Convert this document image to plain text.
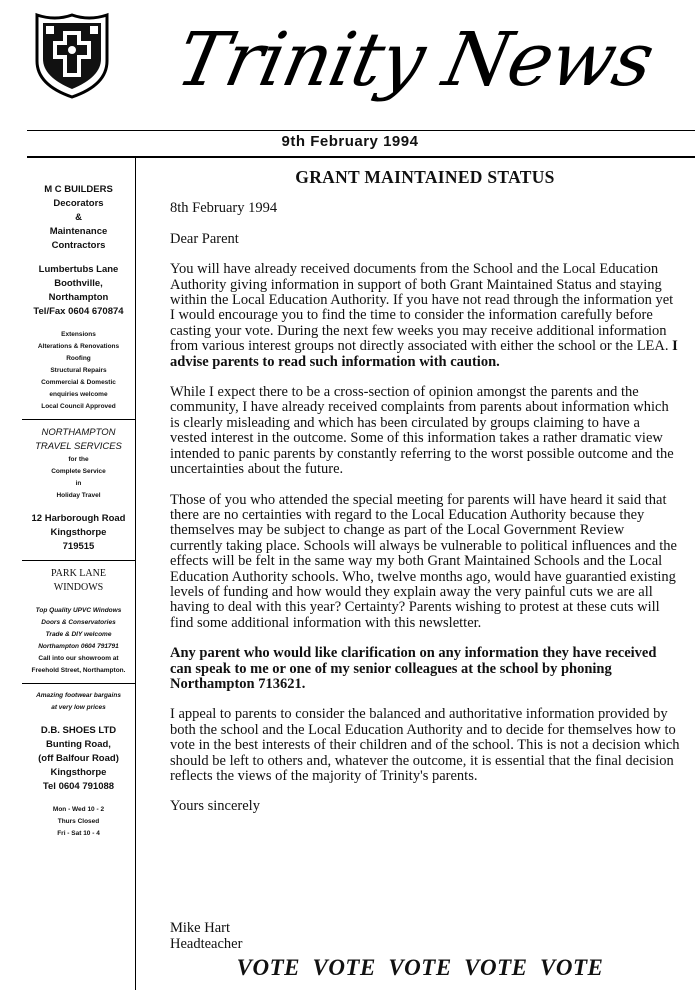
Trinity News
9th February 1994
M C BUILDERS
Decorators
&
Maintenance
Contractors
Lumbertubs Lane
Boothville,
Northampton
Tel/Fax 0604 670874
Extensions
Alterations & Renovations
Roofing
Structural Repairs
Commercial & Domestic
enquiries welcome
Local Council Approved
NORTHAMPTON
TRAVEL SERVICES
for the
Complete Service
in
Holiday Travel
12 Harborough Road
Kingsthorpe
719515
PARK LANE
WINDOWS
Top Quality UPVC Windows
Doors & Conservatories
Trade & DIY welcome
Northampton 0604 791791
Call into our showroom at
Freehold Street, Northampton.
Amazing footwear bargains
at very low prices
D.B. SHOES LTD
Bunting Road,
(off Balfour Road)
Kingsthorpe
Tel 0604 791088
Mon - Wed 10 - 2
Thurs Closed
Fri - Sat 10 - 4
GRANT MAINTAINED STATUS

8th February 1994

Dear Parent

You will have already received documents from the School and the Local Education Authority giving information in support of both Grant Maintained Status and staying within the Local Education Authority. If you have not read through the information yet I would encourage you to find the time to consider the information carefully before casting your vote. During the next few weeks you may receive additional information from various interest groups not directly associated with either the school or the LEA. I advise parents to read such information with caution.

While I expect there to be a cross-section of opinion amongst the parents and the community, I have already received complaints from parents about information which is clearly misleading and which has been circulated by groups claiming to have a vested interest in the outcome. Some of this information takes a rather dramatic view intended to panic parents by constantly referring to the worst possible outcome and the uncertainties about the future.

Those of you who attended the special meeting for parents will have heard it said that there are no certainties with regard to the Local Education Authority because they themselves may be subject to change as part of the Local Government Review currently taking place. Schools will always be vulnerable to political influences and the effects will be felt in the same way my both Grant Maintained Schools and the Local Education Authority schools. Who, twelve months ago, would have guarantied existing levels of funding and how would they explain away the very painful cuts we are all having to deal with this year? Certainty? Parents wishing to protest at these cuts will find some additional information with this newsletter.

Any parent who would like clarification on any information they have received can speak to me or one of my senior colleagues at the school by phoning Northampton 713621.

I appeal to parents to consider the balanced and authoritative information provided by both the school and the Local Education Authority and to decide for themselves how to vote in the best interests of their children and of the school. This is not a decision which should be left to others and, whatever the outcome, it is essential that the final decision reflects the views of the majority of Trinity's parents.

Yours sincerely

Mike Hart
Headteacher
VOTE  VOTE  VOTE  VOTE  VOTE
